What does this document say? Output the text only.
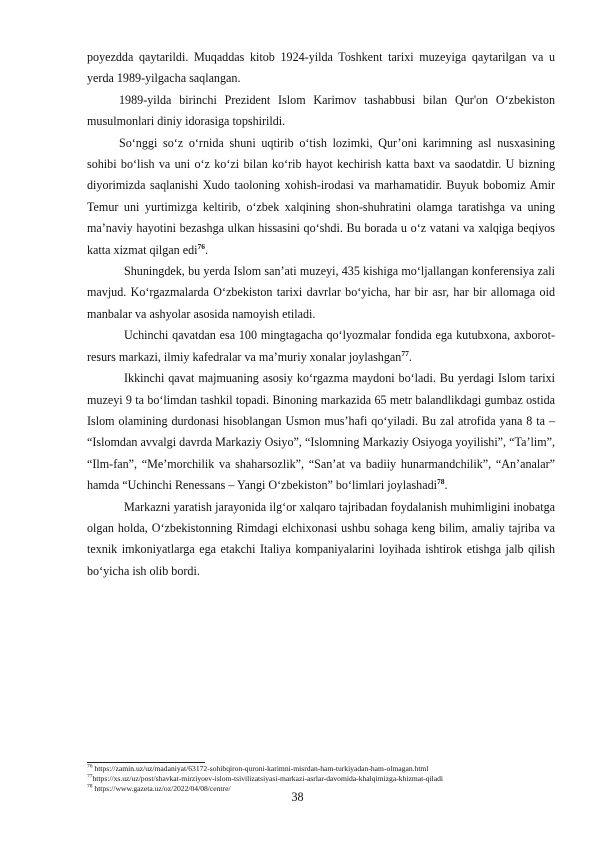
poyezdda qaytarildi. Muqaddas kitob 1924-yilda Toshkent tarixi muzeyiga qaytarilgan va u yerda 1989-yilgacha saqlangan.

1989-yilda birinchi Prezident Islom Karimov tashabbusi bilan Qur'on O‘zbekiston musulmonlari diniy idorasiga topshirildi.

So‘nggi so‘z o‘rnida shuni uqtirib o‘tish lozimki, Qur’oni karimning asl nusxasining sohibi bo‘lish va uni o‘z ko‘zi bilan ko‘rib hayot kechirish katta baxt va saodatdir. U bizning diyorimizda saqlanishi Xudo taoloning xohish-irodasi va marhamatidir. Buyuk bobomiz Amir Temur uni yurtimizga keltirib, o‘zbek xalqining shon-shuhratini olamga taratishga va uning ma’naviy hayotini bezashga ulkan hissasini qo‘shdi. Bu borada u o‘z vatani va xalqiga beqiyos katta xizmat qilgan edi$^{76}$.

Shuningdek, bu yerda Islom san’ati muzeyi, 435 kishiga mo‘ljallangan konferensiya zali mavjud. Ko‘rgazmalarda O‘zbekiston tarixi davrlar bo‘yicha, har bir asr, har bir allomaga oid manbalar va ashyolar asosida namoyish etiladi.

Uchinchi qavatdan esa 100 mingtagacha qo‘lyozmalar fondida ega kutubxona, axborot-resurs markazi, ilmiy kafedralar va ma’muriy xonalar joylashgan$^{77}$.

Ikkinchi qavat majmuaning asosiy ko‘rgazma maydoni bo‘ladi. Bu yerdagi Islom tarixi muzeyi 9 ta bo‘limdan tashkil topadi. Binoning markazida 65 metr balandlikdagi gumbaz ostida Islom olamining durdonasi hisoblangan Usmon mus’hafi qo‘yiladi. Bu zal atrofida yana 8 ta – “Islomdan avvalgi davrda Markaziy Osiyo”, “Islomning Markaziy Osiyoga yoyilishi”, “Ta’lim”, “Ilm-fan”, “Me’morchilik va shaharsozlik”, “San’at va badiiy hunarmandchilik”, “An’analar” hamda “Uchinchi Renessans – Yangi O‘zbekiston” bo‘limlari joylashadi$^{78}$.

Markazni yaratish jarayonida ilg‘or xalqaro tajribadan foydalanish muhimligini inobatga olgan holda, O‘zbekistonning Rimdagi elchixonasi ushbu sohaga keng bilim, amaliy tajriba va texnik imkoniyatlarga ega etakchi Italiya kompaniyalarini loyihada ishtirok etishga jalb qilish bo‘yicha ish olib bordi.

$^{76}$ https://zamin.uz/uz/madaniyat/63172-sohibqiron-quroni-karimni-misrdan-ham-turkiyadan-ham-olmagan.html
$^{77}$https://xs.uz/uz/post/shavkat-mirziyoev-islom-tsivilizatsiyasi-markazi-asrlar-davomida-khalqimizga-khizmat-qiladi
$^{78}$ https://www.gazeta.uz/oz/2022/04/08/centre/
38
